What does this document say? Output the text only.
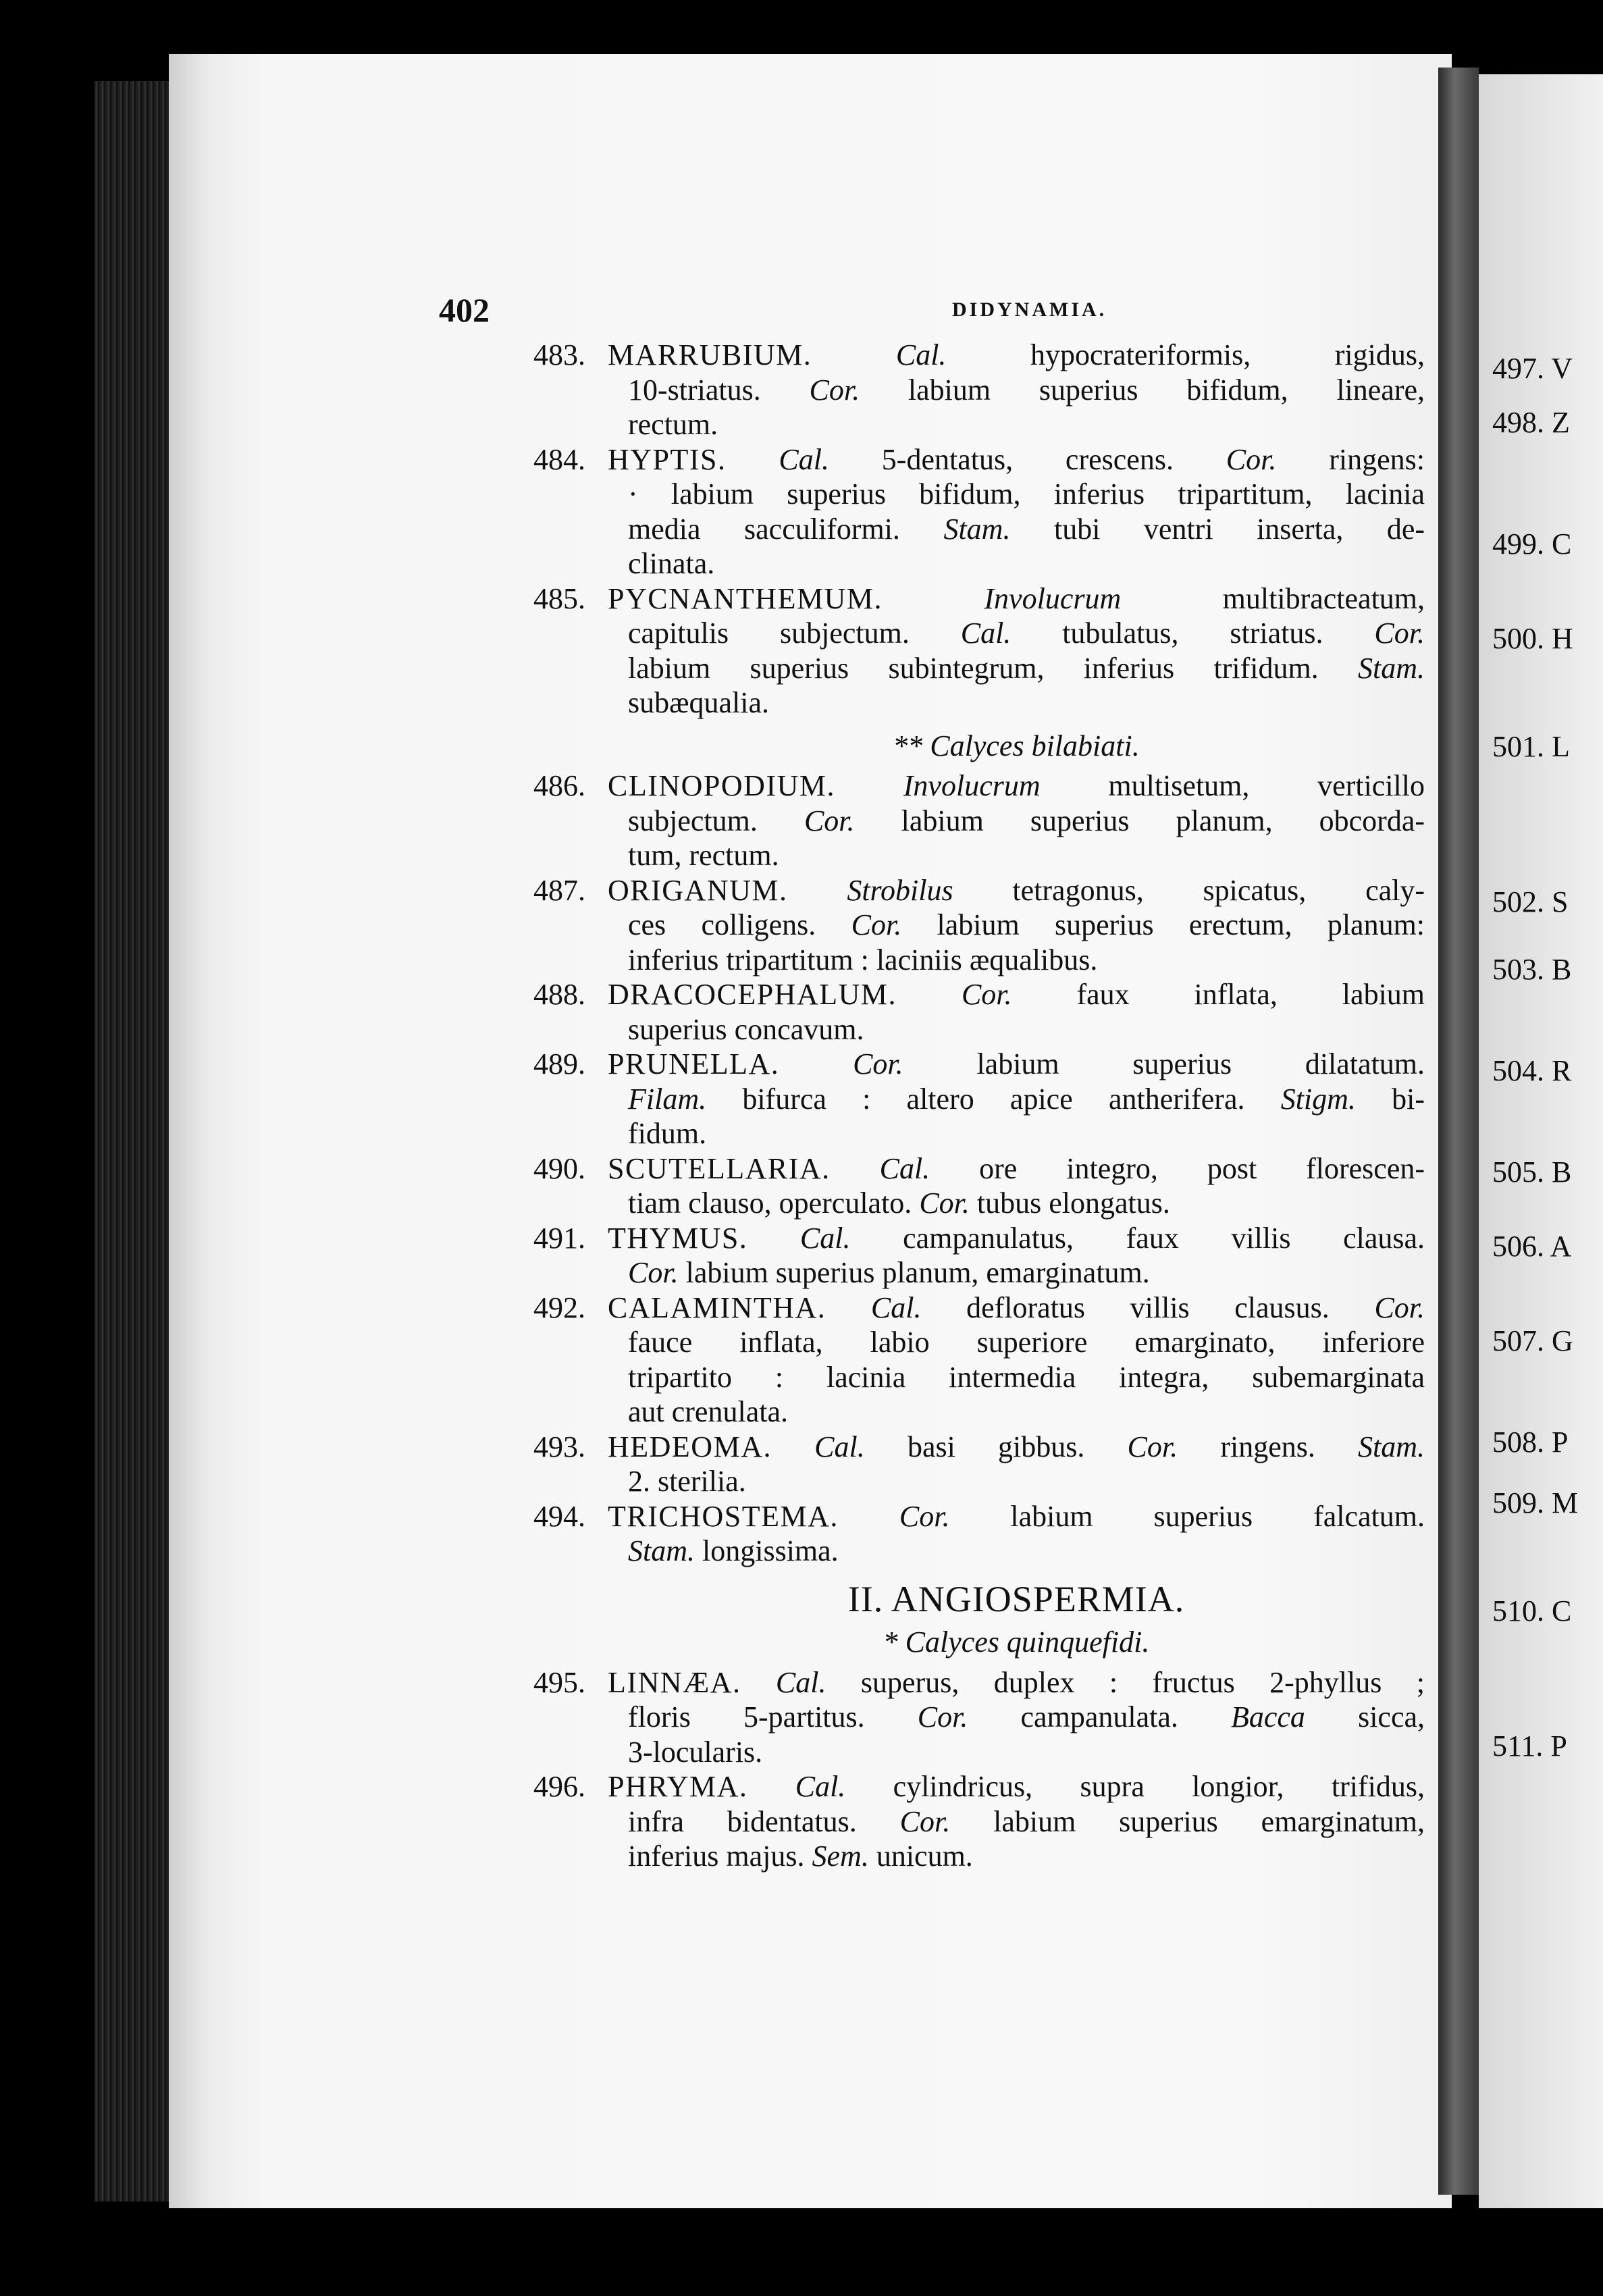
402	DIDYNAMIA.
483. MARRUBIUM.	Cal.	hypocrateriformis, rigidus,
10-striatus. Cor. labium superius bifidum, lineare,
rectum.
484. HYPTIS. Cal. 5-dentatus, crescens. Cor. ringens:
· labium superius bifidum, inferius tripartitum, lacinia
media sacculiformi. Stam. tubi ventri inserta, de-
clinata.
485. PYCNANTHEMUM.	Involucrum	multibracteatum,
capitulis subjectum. Cal. tubulatus, striatus. Cor.
labium superius subintegrum, inferius trifidum. Stam.
subæqualia.
** Calyces bilabiati.
486. CLINOPODIUM. Involucrum multisetum, verticillo
subjectum. Cor. labium superius planum, obcorda-
tum, rectum.
487. ORIGANUM. Strobilus tetragonus, spicatus, caly-
ces colligens. Cor. labium superius erectum, planum:
inferius tripartitum : laciniis æqualibus.
488. DRACOCEPHALUM. Cor. faux inflata, labium
superius concavum.
489. PRUNELLA. Cor. labium superius dilatatum.
Filam. bifurca : altero apice antherifera. Stigm. bi-
fidum.
490. SCUTELLARIA. Cal. ore integro, post florescen-
tiam clauso, operculato. Cor. tubus elongatus.
491. THYMUS. Cal. campanulatus, faux villis clausa.
Cor. labium superius planum, emarginatum.
492. CALAMINTHA. Cal. defloratus villis clausus. Cor.
fauce inflata, labio superiore emarginato, inferiore
tripartito : lacinia intermedia integra, subemarginata
aut crenulata.
493. HEDEOMA. Cal. basi gibbus. Cor. ringens. Stam.
2. sterilia.
494. TRICHOSTEMA. Cor. labium superius falcatum.
Stam. longissima.
II. ANGIOSPERMIA.
* Calyces quinquefidi.
495. LINNÆA. Cal. superus, duplex : fructus 2-phyllus ;
floris 5-partitus. Cor. campanulata. Bacca sicca,
3-locularis.
496. PHRYMA. Cal. cylindricus, supra longior, trifidus,
infra bidentatus. Cor. labium superius emarginatum,
inferius majus. Sem. unicum.
497. V
498. Z
499. C
500. H
501. L
502. S
503. B
504. R
505. B
506. A
507. G
508. P
509. M
510. C
511. P
